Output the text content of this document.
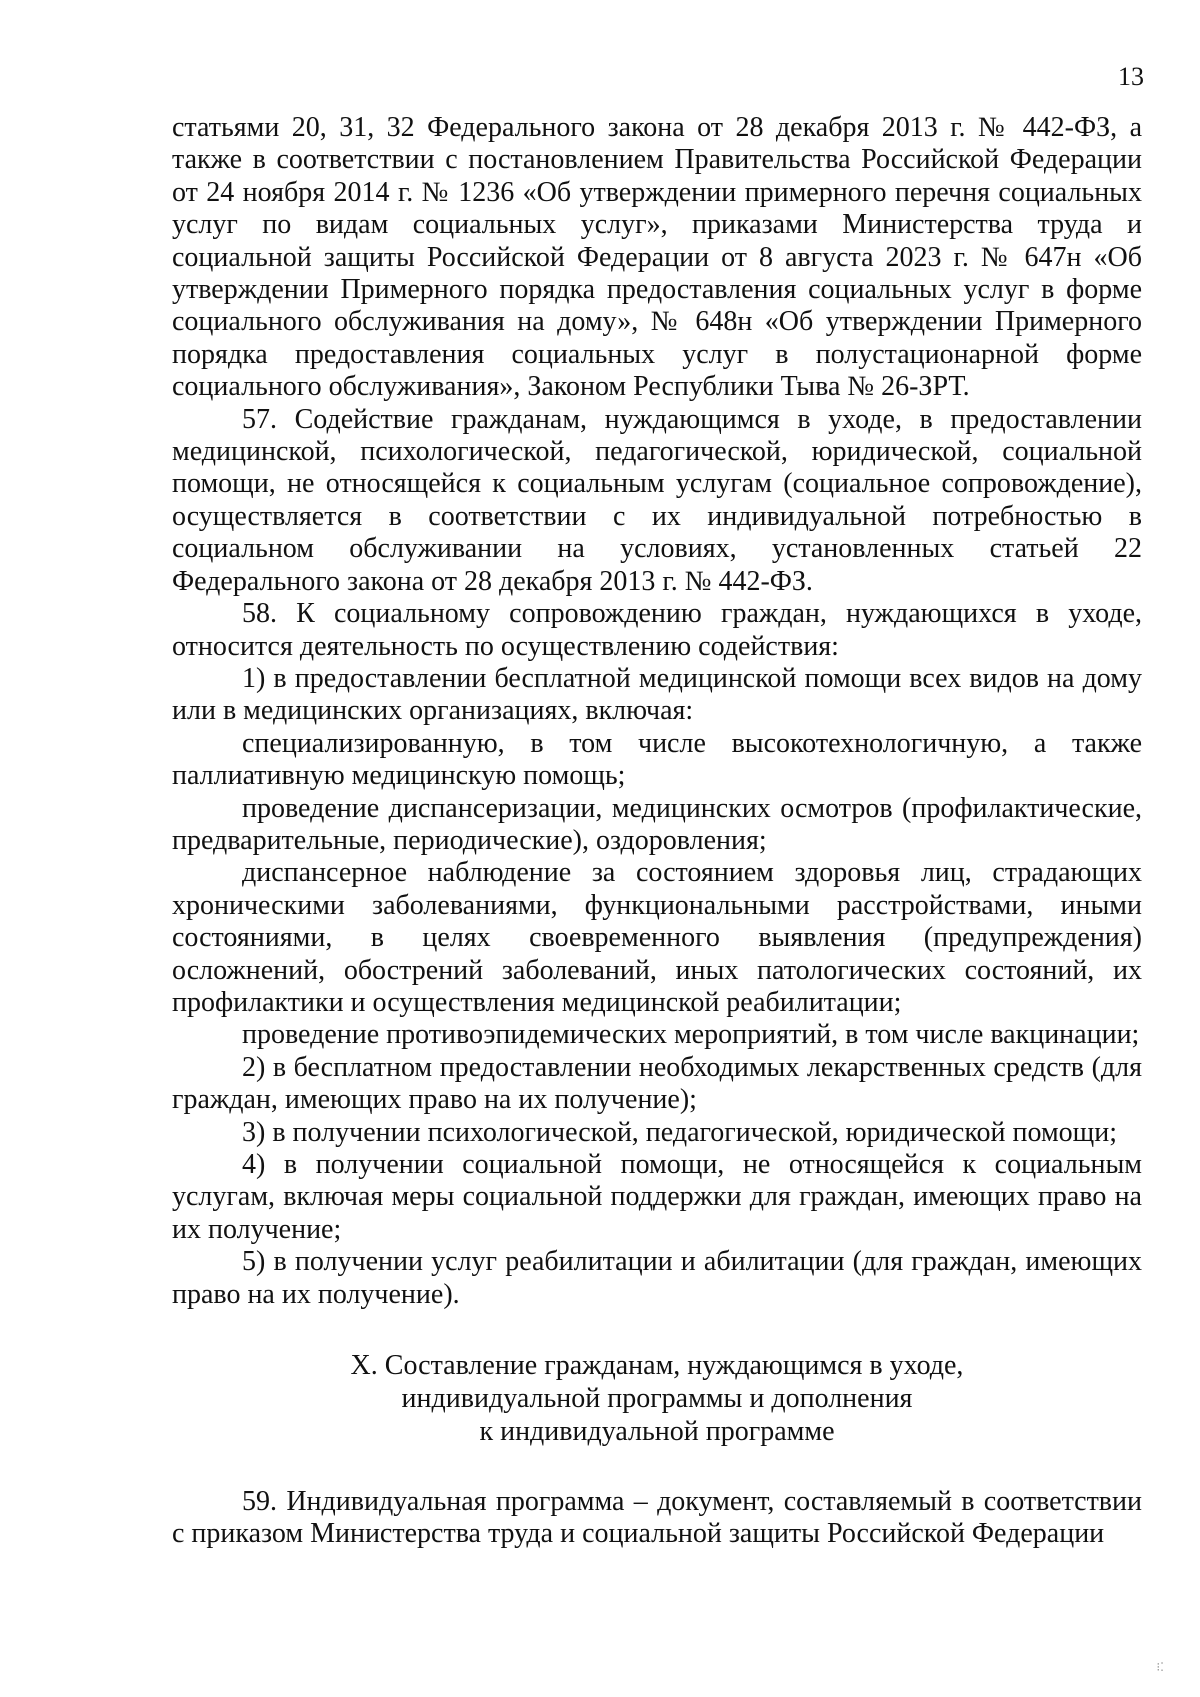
13

статьями 20, 31, 32 Федерального закона от 28 декабря 2013 г. № 442-ФЗ, а также в соответствии с постановлением Правительства Российской Федерации от 24 ноября 2014 г. № 1236 «Об утверждении примерного перечня социальных услуг по видам социальных услуг», приказами Министерства труда и социальной защиты Российской Федерации от 8 августа 2023 г. № 647н «Об утверждении Примерного порядка предоставления социальных услуг в форме социального обслуживания на дому», № 648н «Об утверждении Примерного порядка предоставления социальных услуг в полустационарной форме социального обслуживания», Законом Республики Тыва № 26-ЗРТ.

57. Содействие гражданам, нуждающимся в уходе, в предоставлении медицинской, психологической, педагогической, юридической, социальной помощи, не относящейся к социальным услугам (социальное сопровождение), осуществляется в соответствии с их индивидуальной потребностью в социальном обслуживании на условиях, установленных статьей 22 Федерального закона от 28 декабря 2013 г. № 442-ФЗ.

58. К социальному сопровождению граждан, нуждающихся в уходе, относится деятельность по осуществлению содействия:

1) в предоставлении бесплатной медицинской помощи всех видов на дому или в медицинских организациях, включая:

специализированную, в том числе высокотехнологичную, а также паллиативную медицинскую помощь;

проведение диспансеризации, медицинских осмотров (профилактические, предварительные, периодические), оздоровления;

диспансерное наблюдение за состоянием здоровья лиц, страдающих хроническими заболеваниями, функциональными расстройствами, иными состояниями, в целях своевременного выявления (предупреждения) осложнений, обострений заболеваний, иных патологических состояний, их профилактики и осуществления медицинской реабилитации;

проведение противоэпидемических мероприятий, в том числе вакцинации;

2) в бесплатном предоставлении необходимых лекарственных средств (для граждан, имеющих право на их получение);

3) в получении психологической, педагогической, юридической помощи;

4) в получении социальной помощи, не относящейся к социальным услугам, включая меры социальной поддержки для граждан, имеющих право на их получение;

5) в получении услуг реабилитации и абилитации (для граждан, имеющих право на их получение).

X. Составление гражданам, нуждающимся в уходе,
индивидуальной программы и дополнения
к индивидуальной программе

59. Индивидуальная программа – документ, составляемый в соответствии с приказом Министерства труда и социальной защиты Российской Федерации

⁝⁚
